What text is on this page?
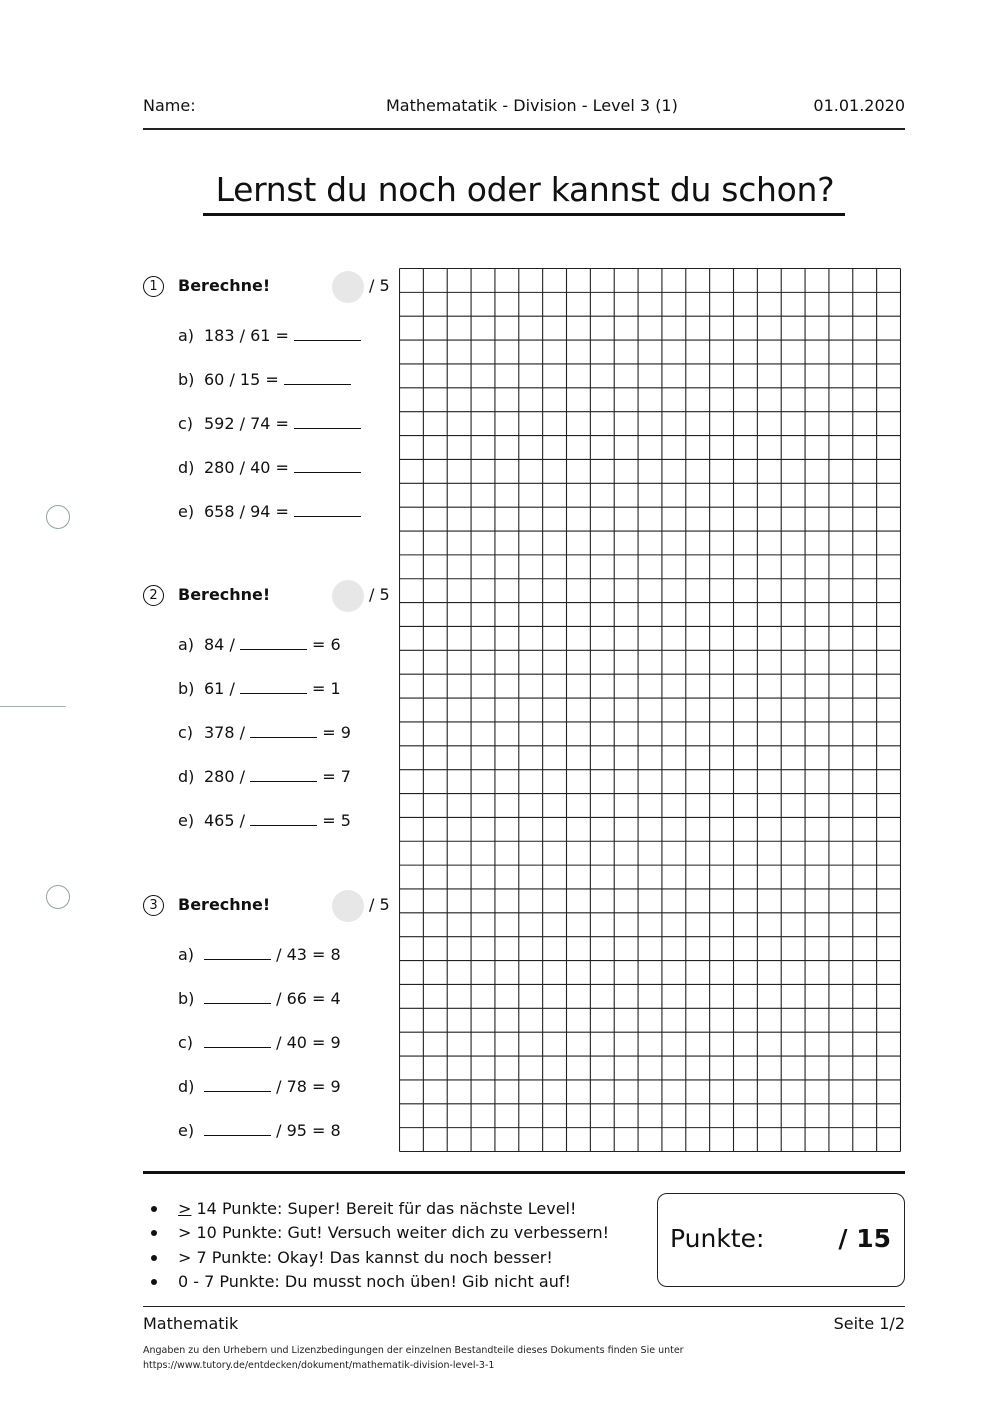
Name:	Mathematatik - Division - Level 3 (1)	01.01.2020
Lernst du noch oder kannst du schon?
1	Berechne!	/ 5
a) 183 / 61 =
b) 60 / 15 =
c) 592 / 74 =
d) 280 / 40 =
e) 658 / 94 =
2	Berechne!	/ 5
a) 84 /	= 6
b) 61 /	= 1
c) 378 /	= 9
d) 280 /	= 7
e) 465 /	= 5
3	Berechne!	/ 5
a)	/ 43 = 8
b)	/ 66 = 4
c)	/ 40 = 9
d)	/ 78 = 9
e)	/ 95 = 8
> 14 Punkte: Super! Bereit für das nächste Level!
> 10 Punkte: Gut! Versuch weiter dich zu verbessern!
> 7 Punkte: Okay! Das kannst du noch besser!
0 - 7 Punkte: Du musst noch üben! Gib nicht auf!
Punkte:	/ 15
Mathematik	Seite 1/2
Angaben zu den Urhebern und Lizenzbedingungen der einzelnen Bestandteile dieses Dokuments finden Sie unter
https://www.tutory.de/entdecken/dokument/mathematik-division-level-3-1
